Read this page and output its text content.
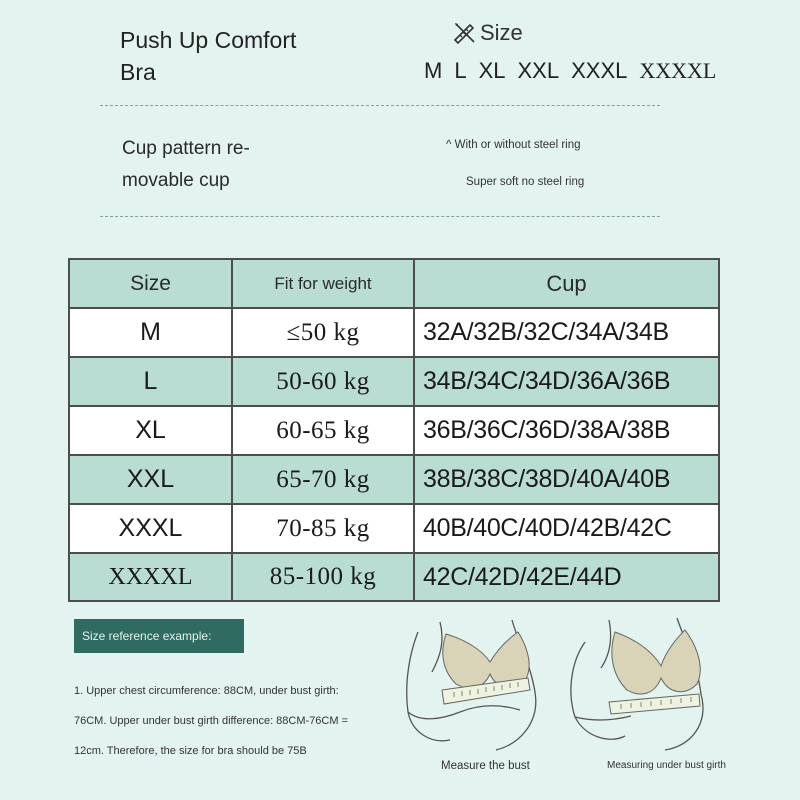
Push Up Comfort
Bra
Size
M L XL XXL XXXL XXXXL
Cup pattern re-
movable cup
^ With or without steel ring
Super soft no steel ring
Size	Fit for weight	Cup
M	≤50 kg	32A/32B/32C/34A/34B
L	50-60 kg	34B/34C/34D/36A/36B
XL	60-65 kg	36B/36C/36D/38A/38B
XXL	65-70 kg	38B/38C/38D/40A/40B
XXXL	70-85 kg	40B/40C/40D/42B/42C
XXXXL	85-100 kg	42C/42D/42E/44D
Size reference example:
1. Upper chest circumference: 88CM, under bust girth:
76CM. Upper under bust girth difference: 88CM-76CM =
12cm. Therefore, the size for bra should be 75B
Measure the bust	Measuring under bust girth
